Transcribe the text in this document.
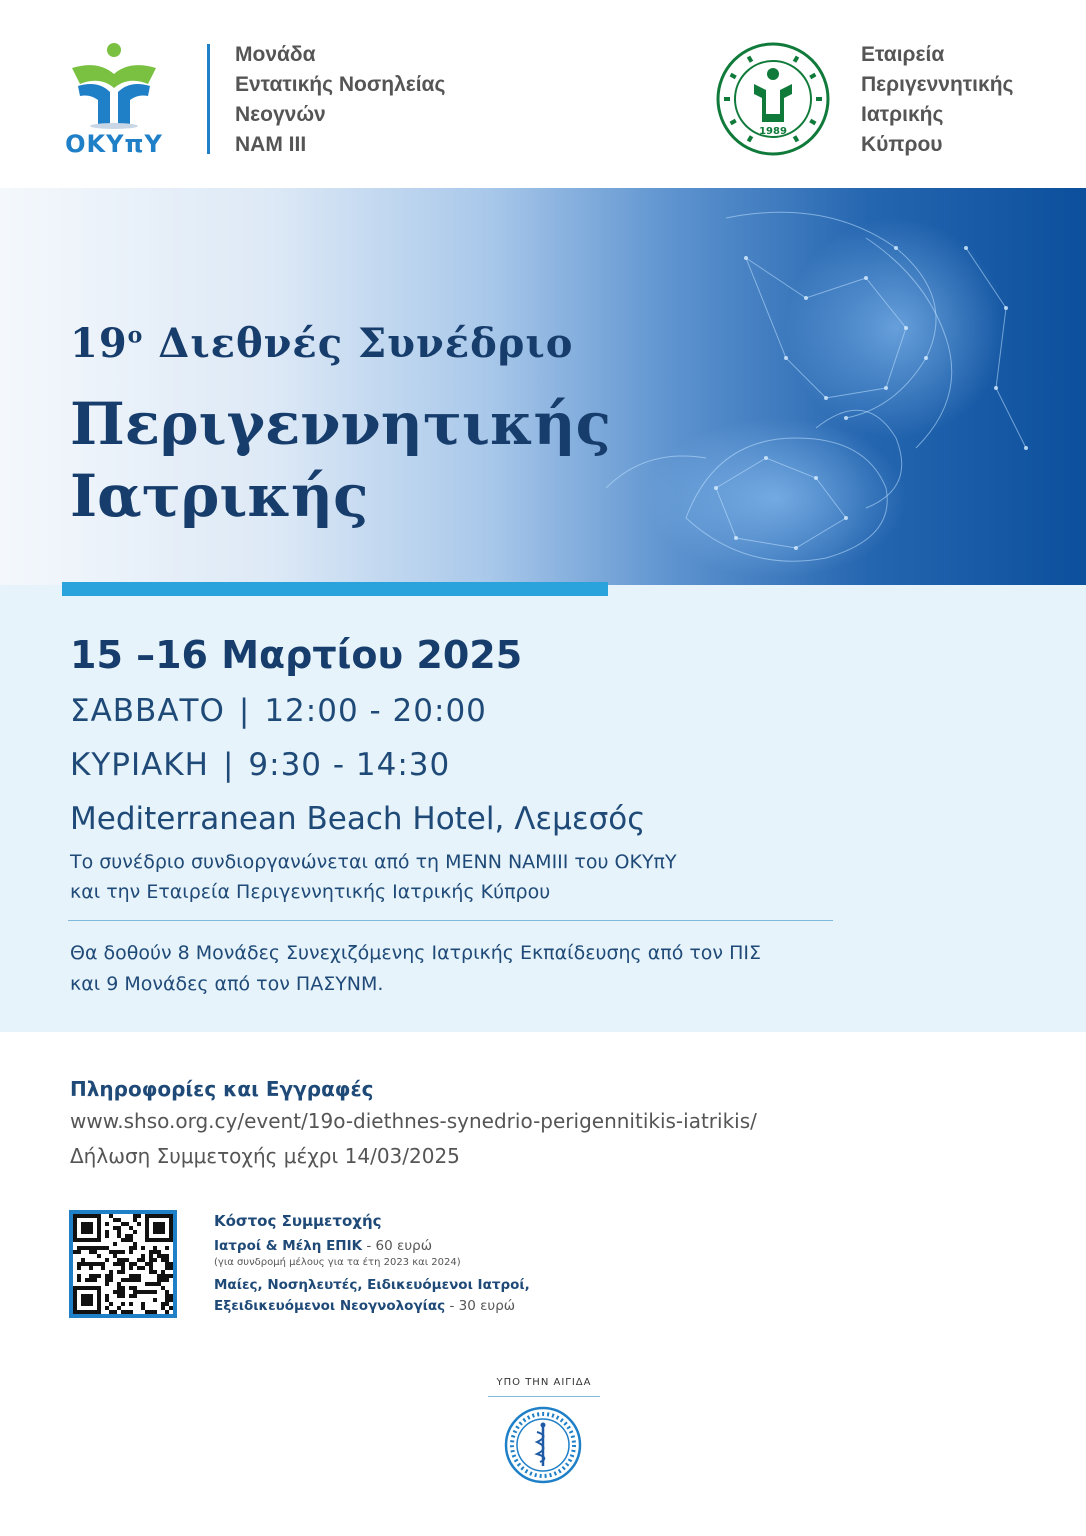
ΟΚΥπΥ
Μονάδα
Εντατικής Νοσηλείας
Νεογνών
ΝΑΜ ΙΙΙ
1989
Εταιρεία
Περιγεννητικής
Ιατρικής
Κύπρου
$19^o$ Διεθνές Συνέδριο
Περιγεννητικής
Ιατρικής
15 –16 Μαρτίου 2025
ΣΑΒΒΑΤΟ | 12:00 - 20:00
ΚΥΡΙΑΚΗ | 9:30 - 14:30
Mediterranean Beach Hotel, Λεμεσός
Το συνέδριο συνδιοργανώνεται από τη ΜΕΝΝ ΝΑΜΙΙΙ του ΟΚΥπΥ
και την Εταιρεία Περιγεννητικής Ιατρικής Κύπρου
Θα δοθούν 8 Μονάδες Συνεχιζόμενης Ιατρικής Εκπαίδευσης από τον ΠΙΣ
και 9 Μονάδες από τον ΠΑΣΥΝΜ.
Πληροφορίες και Εγγραφές
www.shso.org.cy/event/19o-diethnes-synedrio-perigennitikis-iatrikis/
Δήλωση Συμμετοχής μέχρι 14/03/2025
Κόστος Συμμετοχής
Ιατροί & Μέλη ΕΠΙΚ - 60 ευρώ
(για συνδρομή μέλους για τα έτη 2023 και 2024)
Μαίες, Νοσηλευτές, Ειδικευόμενοι Ιατροί,
Εξειδικευόμενοι Νεογνολογίας - 30 ευρώ
ΥΠΟ ΤΗΝ ΑΙΓΙΔΑ
